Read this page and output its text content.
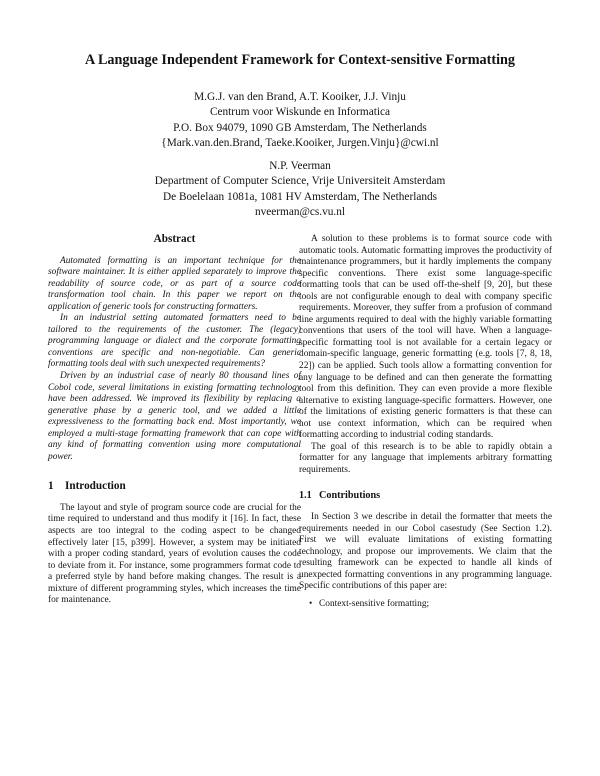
A Language Independent Framework for Context-sensitive Formatting
M.G.J. van den Brand, A.T. Kooiker, J.J. Vinju
Centrum voor Wiskunde en Informatica
P.O. Box 94079, 1090 GB Amsterdam, The Netherlands
{Mark.van.den.Brand, Taeke.Kooiker, Jurgen.Vinju}@cwi.nl
N.P. Veerman
Department of Computer Science, Vrije Universiteit Amsterdam
De Boelelaan 1081a, 1081 HV Amsterdam, The Netherlands
nveerman@cs.vu.nl
Abstract

Automated formatting is an important technique for the software maintainer. It is either applied separately to improve the readability of source code, or as part of a source code transformation tool chain. In this paper we report on the application of generic tools for constructing formatters.

In an industrial setting automated formatters need to be tailored to the requirements of the customer. The (legacy) programming language or dialect and the corporate formatting conventions are specific and non-negotiable. Can generic formatting tools deal with such unexpected requirements?

Driven by an industrial case of nearly 80 thousand lines of Cobol code, several limitations in existing formatting technology have been addressed. We improved its flexibility by replacing a generative phase by a generic tool, and we added a little expressiveness to the formatting back end. Most importantly, we employed a multi-stage formatting framework that can cope with any kind of formatting convention using more computational power.

1 Introduction

The layout and style of program source code are crucial for the time required to understand and thus modify it [16]. In fact, these aspects are too integral to the coding aspect to be changed effectively later [15, p399]. However, a system may be initiated with a proper coding standard, years of evolution causes the code to deviate from it. For instance, some programmers format code to a preferred style by hand before making changes. The result is a mixture of different programming styles, which increases the time for maintenance.

A solution to these problems is to format source code with automatic tools. Automatic formatting improves the productivity of maintenance programmers, but it hardly implements the company specific conventions. There exist some language-specific formatting tools that can be used off-the-shelf [9, 20], but these tools are not configurable enough to deal with company specific requirements. Moreover, they suffer from a profusion of command line arguments required to deal with the highly variable formatting conventions that users of the tool will have. When a language-specific formatting tool is not available for a certain legacy or domain-specific language, generic formatting (e.g. tools [7, 8, 18, 22]) can be applied. Such tools allow a formatting convention for any language to be defined and can then generate the formatting tool from this definition. They can even provide a more flexible alternative to existing language-specific formatters. However, one of the limitations of existing generic formatters is that these can not use context information, which can be required when formatting according to industrial coding standards.

The goal of this research is to be able to rapidly obtain a formatter for any language that implements arbitrary formatting requirements.

1.1 Contributions

In Section 3 we describe in detail the formatter that meets the requirements needed in our Cobol casestudy (See Section 1.2). First we will evaluate limitations of existing formatting technology, and propose our improvements. We claim that the resulting framework can be expected to handle all kinds of unexpected formatting conventions in any programming language. Specific contributions of this paper are:

• Context-sensitive formatting;
